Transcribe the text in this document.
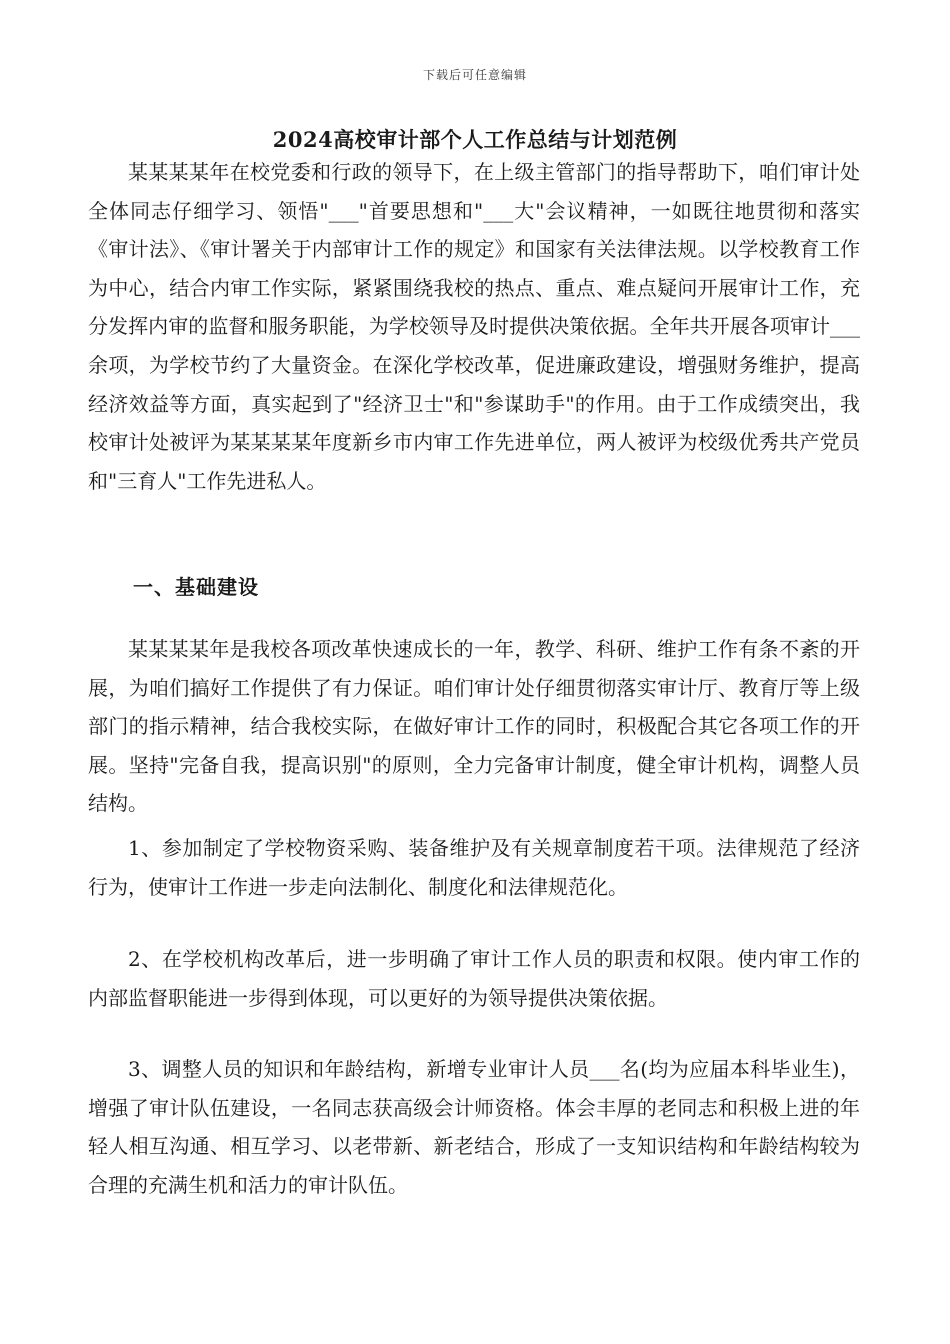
下载后可任意编辑
2024高校审计部个人工作总结与计划范例

某某某某年在校党委和行政的领导下，在上级主管部门的指导帮助下，咱们审计处全体同志仔细学习、领悟"___"首要思想和"___大"会议精神，一如既往地贯彻和落实《审计法》、《审计署关于内部审计工作的规定》和国家有关法律法规。以学校教育工作为中心，结合内审工作实际，紧紧围绕我校的热点、重点、难点疑问开展审计工作，充分发挥内审的监督和服务职能，为学校领导及时提供决策依据。全年共开展各项审计___余项，为学校节约了大量资金。在深化学校改革，促进廉政建设，增强财务维护，提高经济效益等方面，真实起到了"经济卫士"和"参谋助手"的作用。由于工作成绩突出，我校审计处被评为某某某某年度新乡市内审工作先进单位，两人被评为校级优秀共产党员和"三育人"工作先进私人。

一、基础建设

某某某某年是我校各项改革快速成长的一年，教学、科研、维护工作有条不紊的开展，为咱们搞好工作提供了有力保证。咱们审计处仔细贯彻落实审计厅、教育厅等上级部门的指示精神，结合我校实际，在做好审计工作的同时，积极配合其它各项工作的开展。坚持"完备自我，提高识别"的原则，全力完备审计制度，健全审计机构，调整人员结构。

1、参加制定了学校物资采购、装备维护及有关规章制度若干项。法律规范了经济行为，使审计工作进一步走向法制化、制度化和法律规范化。

2、在学校机构改革后，进一步明确了审计工作人员的职责和权限。使内审工作的内部监督职能进一步得到体现，可以更好的为领导提供决策依据。

3、调整人员的知识和年龄结构，新增专业审计人员___名(均为应届本科毕业生)，增强了审计队伍建设，一名同志获高级会计师资格。体会丰厚的老同志和积极上进的年轻人相互沟通、相互学习、以老带新、新老结合，形成了一支知识结构和年龄结构较为合理的充满生机和活力的审计队伍。
